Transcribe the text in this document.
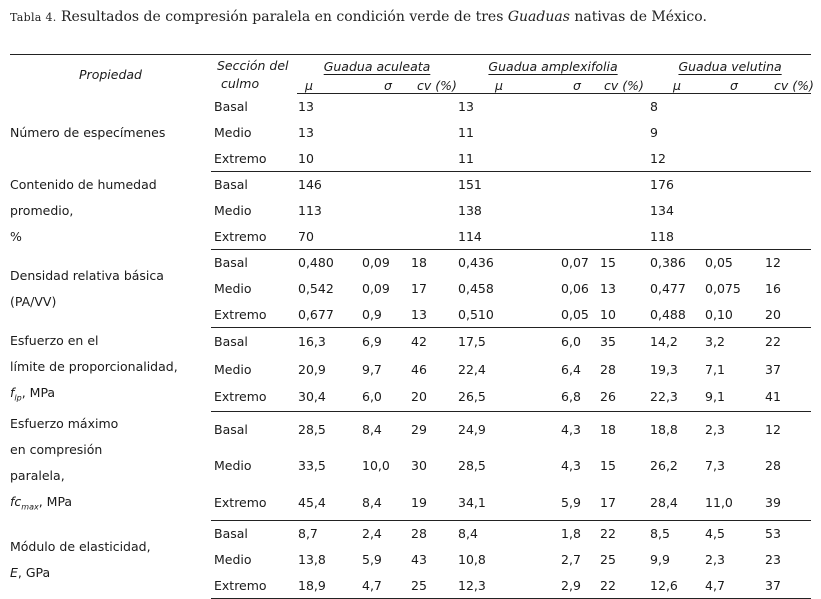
Tabla 4. Resultados de compresión paralela en condición verde de tres Guaduas nativas de México.
Propiedad	Sección del
culmo	Guadua aculeata			Guadua amplexifolia			Guadua velutina		
		µ	σ	cv (%)	µ	σ	cv (%)	µ	σ	cv (%)
Número de especímenes	Basal	13			13			8		
	Medio	13			11			9		
	Extremo	10			11			12		
Contenido de humedad
promedio,
%	Basal	146			151			176		
	Medio	113			138			134		
	Extremo	70			114			118		
Densidad relativa básica
(PA/VV)	Basal	0,480	0,09	18	0,436	0,07	15	0,386	0,05	12
	Medio	0,542	0,09	17	0,458	0,06	13	0,477	0,075	16
	Extremo	0,677	0,9	13	0,510	0,05	10	0,488	0,10	20
Esfuerzo en el
límite de proporcionalidad,
$f_{lp}$, MPa	Basal	16,3	6,9	42	17,5	6,0	35	14,2	3,2	22
	Medio	20,9	9,7	46	22,4	6,4	28	19,3	7,1	37
	Extremo	30,4	6,0	20	26,5	6,8	26	22,3	9,1	41
Esfuerzo máximo
en compresión
paralela,
$fc_{max}$, MPa	Basal	28,5	8,4	29	24,9	4,3	18	18,8	2,3	12
	Medio	33,5	10,0	30	28,5	4,3	15	26,2	7,3	28
	Extremo	45,4	8,4	19	34,1	5,9	17	28,4	11,0	39
Módulo de elasticidad,
E, GPa	Basal	8,7	2,4	28	8,4	1,8	22	8,5	4,5	53
	Medio	13,8	5,9	43	10,8	2,7	25	9,9	2,3	23
	Extremo	18,9	4,7	25	12,3	2,9	22	12,6	4,7	37
